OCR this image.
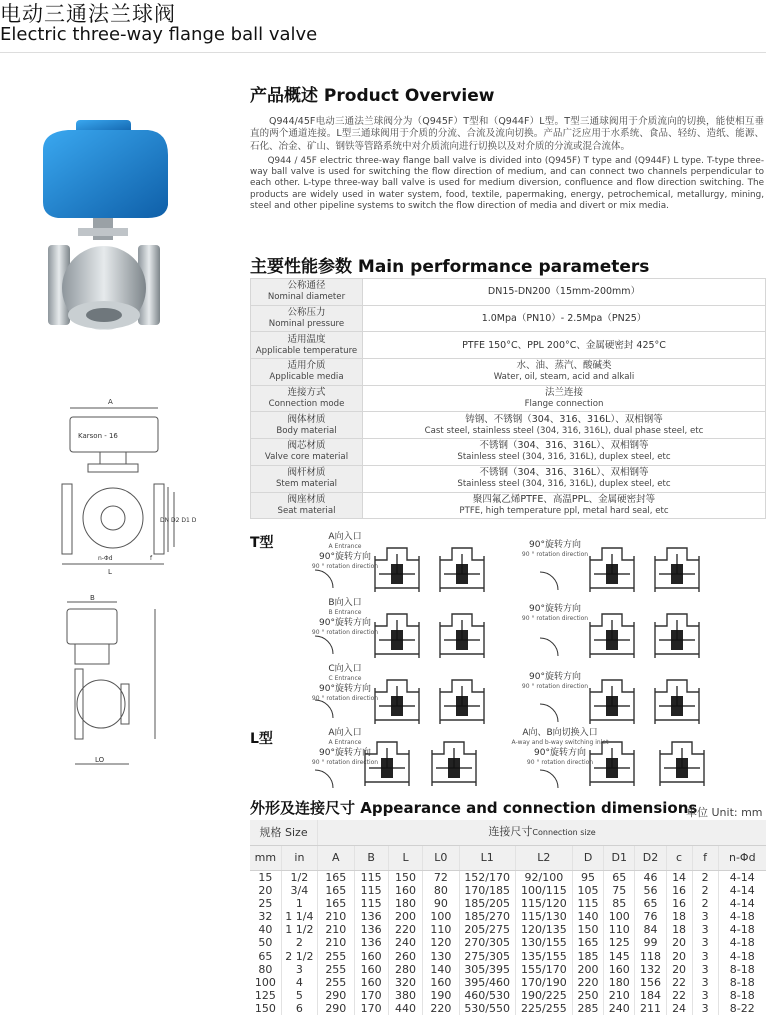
电动三通法兰球阀
Electric three-way flange ball valve
A
Karson - 16
L
DN D2 D1 D
n-Φd	f
B
LO
产品概述 Product Overview

Q944/45F电动三通法兰球阀分为（Q945F）T型和（Q944F）L型。T型三通球阀用于介质流向的切换，能使相互垂直的两个通道连接。L型三通球阀用于介质的分流、合流及流向切换。产品广泛应用于水系统、食品、轻纺、造纸、能源、石化、冶金、矿山、钢铁等管路系统中对介质流向进行切换以及对介质的分流或混合流体。

Q944 / 45F electric three-way flange ball valve is divided into (Q945F) T type and (Q944F) L type. T-type three-way ball valve is used for switching the flow direction of medium, and can connect two channels perpendicular to each other. L-type three-way ball valve is used for medium diversion, confluence and flow direction switching. The products are widely used in water system, food, textile, papermaking, energy, petrochemical, metallurgy, mining, steel and other pipeline systems to switch the flow direction of media and divert or mix media.

主要性能参数 Main performance parameters
公称通径
Nominal diameter	DN15-DN200（15mm-200mm）
公称压力
Nominal pressure	1.0Mpa（PN10）- 2.5Mpa（PN25）
适用温度
Applicable temperature	PTFE 150°C、PPL 200°C、金属硬密封 425°C
适用介质
Applicable media	水、油、蒸汽、酸碱类
Water, oil, steam, acid and alkali
连接方式
Connection mode	法兰连接
Flange connection
阀体材质
Body material	铸钢、不锈钢（304、316、316L）、双相钢等
Cast steel, stainless steel (304, 316, 316L), dual phase steel, etc
阀芯材质
Valve core material	不锈钢（304、316、316L）、双相钢等
Stainless steel (304, 316, 316L), duplex steel, etc
阀杆材质
Stem material	不锈钢（304、316、316L）、双相钢等
Stainless steel (304, 316, 316L), duplex steel, etc
阀座材质
Seat material	聚四氟乙烯PTFE、高温PPL、金属硬密封等
PTFE, high temperature ppl, metal hard seal, etc
T型
L型
A向入口
A Entrance
90°旋转方向
90 ° rotation direction
B向入口
B Entrance
90°旋转方向
90 ° rotation direction
C向入口
C Entrance
90°旋转方向
90 ° rotation direction
A向入口
A Entrance
90°旋转方向
90 ° rotation direction
90°旋转方向
90 ° rotation direction
90°旋转方向
90 ° rotation direction
90°旋转方向
90 ° rotation direction
A向、B向切换入口
A-way and b-way switching inlet
90°旋转方向
90 ° rotation direction
外形及连接尺寸 Appearance and connection dimensions
单位 Unit: mm
规格 Size		连接尺寸Connection size											
mm	in	A	B	L	L0	L1	L2	D	D1	D2	c	f	n-Φd
15	1/2	165	115	150	72	152/170	92/100	95	65	46	14	2	4-14
20	3/4	165	115	160	80	170/185	100/115	105	75	56	16	2	4-14
25	1	165	115	180	90	185/205	115/120	115	85	65	16	2	4-14
32	1 1/4	210	136	200	100	185/270	115/130	140	100	76	18	3	4-18
40	1 1/2	210	136	220	110	205/275	120/135	150	110	84	18	3	4-18
50	2	210	136	240	120	270/305	130/155	165	125	99	20	3	4-18
65	2 1/2	255	160	260	130	275/305	135/155	185	145	118	20	3	4-18
80	3	255	160	280	140	305/395	155/170	200	160	132	20	3	8-18
100	4	255	160	320	160	395/460	170/190	220	180	156	22	3	8-18
125	5	290	170	380	190	460/530	190/225	250	210	184	22	3	8-18
150	6	290	170	440	220	530/550	225/255	285	240	211	24	3	8-22
